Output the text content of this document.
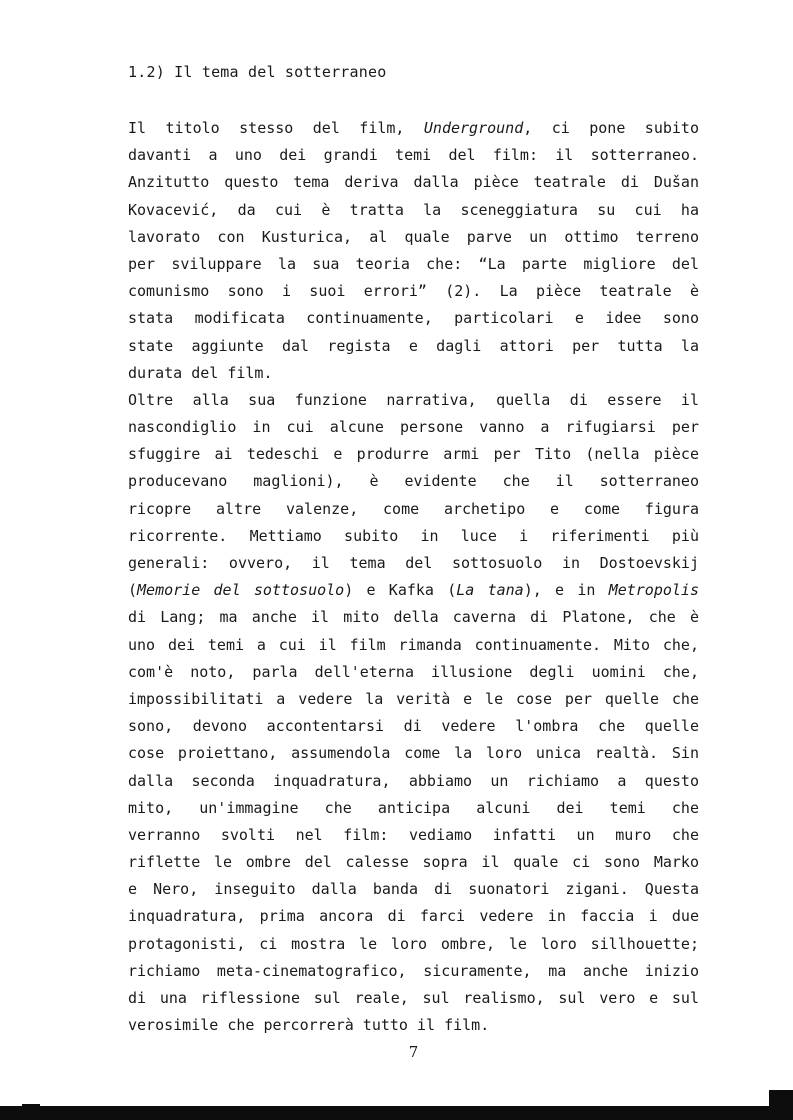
1.2) Il tema del sotterraneo
Il titolo stesso del film, Underground, ci pone subito
davanti a uno dei grandi temi del film: il sotterraneo.
Anzitutto questo tema deriva dalla pièce teatrale di Dušan
Kovacević, da cui è tratta la sceneggiatura su cui ha
lavorato con Kusturica, al quale parve un ottimo terreno
per sviluppare la sua teoria che: “La parte migliore del
comunismo sono i suoi errori” (2). La pièce teatrale è
stata modificata continuamente, particolari e idee sono
state aggiunte dal regista e dagli attori per tutta la
durata del film.
Oltre alla sua funzione narrativa, quella di essere il
nascondiglio in cui alcune persone vanno a rifugiarsi per
sfuggire ai tedeschi e produrre armi per Tito (nella pièce
producevano maglioni), è evidente che il sotterraneo
ricopre altre valenze, come archetipo e come figura
ricorrente. Mettiamo subito in luce i riferimenti più
generali: ovvero, il tema del sottosuolo in Dostoevskij
(Memorie del sottosuolo) e Kafka (La tana), e in Metropolis
di Lang; ma anche il mito della caverna di Platone, che è
uno dei temi a cui il film rimanda continuamente. Mito che,
com'è noto, parla dell'eterna illusione degli uomini che,
impossibilitati a vedere la verità e le cose per quelle che
sono, devono accontentarsi di vedere l'ombra che quelle
cose proiettano, assumendola come la loro unica realtà. Sin
dalla seconda inquadratura, abbiamo un richiamo a questo
mito, un'immagine che anticipa alcuni dei temi che
verranno svolti nel film: vediamo infatti un muro che
riflette le ombre del calesse sopra il quale ci sono Marko
e Nero, inseguito dalla banda di suonatori zigani. Questa
inquadratura, prima ancora di farci vedere in faccia i due
protagonisti, ci mostra le loro ombre, le loro sillhouette;
richiamo meta-cinematografico, sicuramente, ma anche inizio
di una riflessione sul reale, sul realismo, sul vero e sul
verosimile che percorrerà tutto il film.
7
